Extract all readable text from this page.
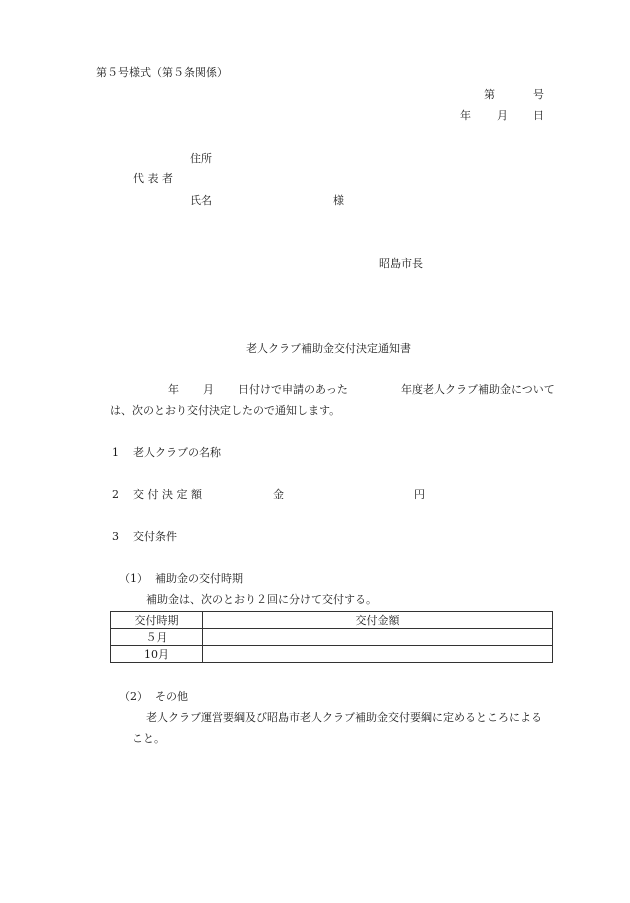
第５号様式（第５条関係）
第	号
年 月 日
住所
代 表 者
氏名	様
昭島市長
老人クラブ補助金交付決定通知書
年 月 日付けで申請のあった	年度老人クラブ補助金について
は、次のとおり交付決定したので通知します。
1 老人クラブの名称
2 交 付 決 定 額	金	円
3 交付条件
（1） 補助金の交付時期
補助金は、次のとおり２回に分けて交付する。
交付時期	交付金額
５月	
10月	
（2） その他
老人クラブ運営要綱及び昭島市老人クラブ補助金交付要綱に定めるところによる
こと。
